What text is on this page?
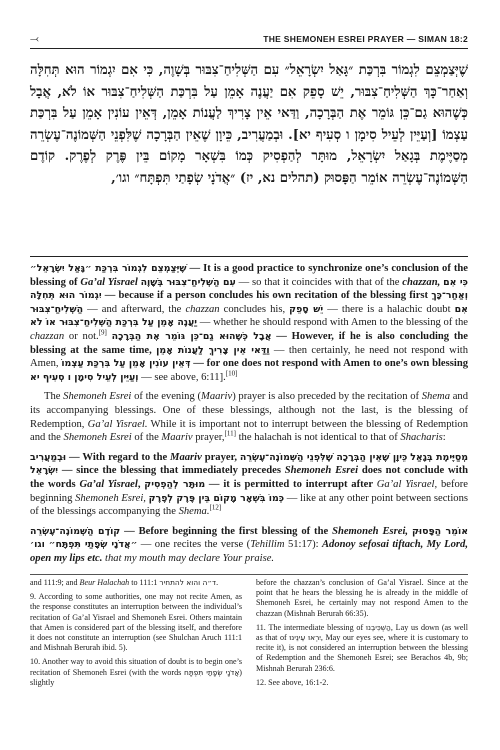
⤙	THE SHEMONEH ESREI PRAYER — SIMAN 18:2
שֶׁיְּצַמְצֵם לִגְמוֹר בִּרְכַּת ״גָּאַל יִשְׂרָאֵל״ עִם הַשְּׁלִיחַ־צִבּוּר בְּשָׁוֶה, כִּי אִם יִגְמוֹר הוּא תְּחִלָּה וְאַחַר־כָּךְ הַשְּׁלִיחַ־צִבּוּר, יֵשׁ סָפֵק אִם יַעֲנֶה אָמֵן עַל בִּרְכַּת הַשְּׁלִיחַ־צִבּוּר אוֹ לֹא, אֲבָל כְּשֶׁהוּא גַם־כֵּן גּוֹמֵר אֶת הַבְּרָכָה, וַדַּאי אֵין צָרִיךְ לַעֲנוֹת אָמֵן, דְּאֵין עוֹנִין אָמֵן עַל בִּרְכַּת עַצְמוֹ [וְעַיֵּין לְעֵיל סִימָן ו סְעִיף יא]. וּבְמַעֲרִיב, כֵּיוָן שֶׁאֵין הַבְּרָכָה שֶׁלִּפְנֵי הַשְּׁמוֹנֶה־עֶשְׂרֵה מְסַיֶּימֶת בְּגָאַל יִשְׂרָאֵל, מוּתָּר לְהַפְסִיק כְּמוֹ בִּשְׁאָר מָקוֹם בֵּין פֶּרֶק לְפֶרֶק. קוֹדֶם הַשְּׁמוֹנֶה־עֶשְׂרֵה אוֹמֵר הַפָּסוּק (תהלים נא, יז) ״אֲדֹנָי שְׂפָתַי תִּפְתָּח״ וגו׳,

שֶׁיְּצַמְצֵם לִגְמוֹר בִּרְכַּת ״גָּאַל יִשְׂרָאֵל״ — It is a good practice to synchronize one’s conclusion of the blessing of Ga’al Yisrael עִם הַשְּׁלִיחַ־צִבּוּר בְּשָׁוֶה — so that it coincides with that of the chazzan, כִּי אִם יִגְמוֹר הוּא תְּחִלָּה — because if a person concludes his own recitation of the blessing first וְאַחַר־כָּךְ הַשְּׁלִיחַ־צִבּוּר — and afterward, the chazzan concludes his, יֵשׁ סָפֵק — there is a halachic doubt אִם יַעֲנֶה אָמֵן עַל בִּרְכַּת הַשְּׁלִיחַ־צִבּוּר אוֹ לֹא — whether he should respond with Amen to the blessing of the chazzan or not.[9] אֲבָל כְּשֶׁהוּא גַם־כֵּן גּוֹמֵר אֶת הַבְּרָכָה — However, if he is also concluding the blessing at the same time, וַדַּאי אֵין צָרִיךְ לַעֲנוֹת אָמֵן — then certainly, he need not respond with Amen, דְּאֵין עוֹנִין אָמֵן עַל בִּרְכַּת עַצְמוֹ — for one does not respond with Amen to one’s own blessing וְעַיֵּין לְעֵיל סִימָן ו סְעִיף יא — see above, 6:11].[10]

The Shemoneh Esrei of the evening (Maariv) prayer is also preceded by the recitation of Shema and its accompanying blessings. One of these blessings, although not the last, is the blessing of Redemption, Ga’al Yisrael. While it is important not to interrupt between the blessing of Redemption and the Shemoneh Esrei of the Maariv prayer,[11] the halachah is not identical to that of Shacharis:

וּבְמַעֲרִיב — With regard to the Maariv prayer, כֵּיוָן שֶׁאֵין הַבְּרָכָה שֶׁלִּפְנֵי הַשְּׁמוֹנֶה־עֶשְׂרֵה מְסַיֶּימֶת בְּגָאַל יִשְׂרָאֵל — since the blessing that immediately precedes Shemoneh Esrei does not conclude with the words Ga’al Yisrael, מוּתָּר לְהַפְסִיק — it is permitted to interrupt after Ga’al Yisrael, before beginning Shemoneh Esrei, כְּמוֹ בִּשְׁאָר מָקוֹם בֵּין פֶּרֶק לְפֶרֶק — like at any other point between sections of the blessings accompanying the Shema.[12]

קוֹדֶם הַשְּׁמוֹנֶה־עֶשְׂרֵה — Before beginning the first blessing of the Shemoneh Esrei, אוֹמֵר הַפָּסוּק ״אֲדֹנָי שְׂפָתַי תִּפְתָּח״ וגו׳ — one recites the verse (Tehillim 51:17): Adonoy sefosai tiftach, My Lord, open my lips etc. that my mouth may declare Your praise.

and 111:9; and Beur Halachah to 111:1 ד״ה והוא להתחיר.

9. According to some authorities, one may not recite Amen, as the response constitutes an interruption between the individual’s recitation of Ga’al Yisrael and Shemoneh Esrei. Others maintain that Amen is considered part of the blessing itself, and therefore it does not constitute an interruption (see Shulchan Aruch 111:1 and Mishnah Berurah ibid. 5).

10. Another way to avoid this situation of doubt is to begin one’s recitation of Shemoneh Esrei (with the words אֲדֹנָי שְׂפָתַי תִּפְתָּח) slightly

before the chazzan’s conclusion of Ga’al Yisrael. Since at the point that he hears the blessing he is already in the middle of Shemoneh Esrei, he certainly may not respond Amen to the chazzan (Mishnah Berurah 66:35).

11. The intermediate blessing of הַשְׁכִּיבֵנוּ, Lay us down (as well as that of יִרְאוּ עֵינֵינוּ, May our eyes see, where it is customary to recite it), is not considered an interruption between the blessing of Redemption and the Shemoneh Esrei; see Berachos 4b, 9b; Mishnah Berurah 236:6.

12. See above, 16:1-2.
